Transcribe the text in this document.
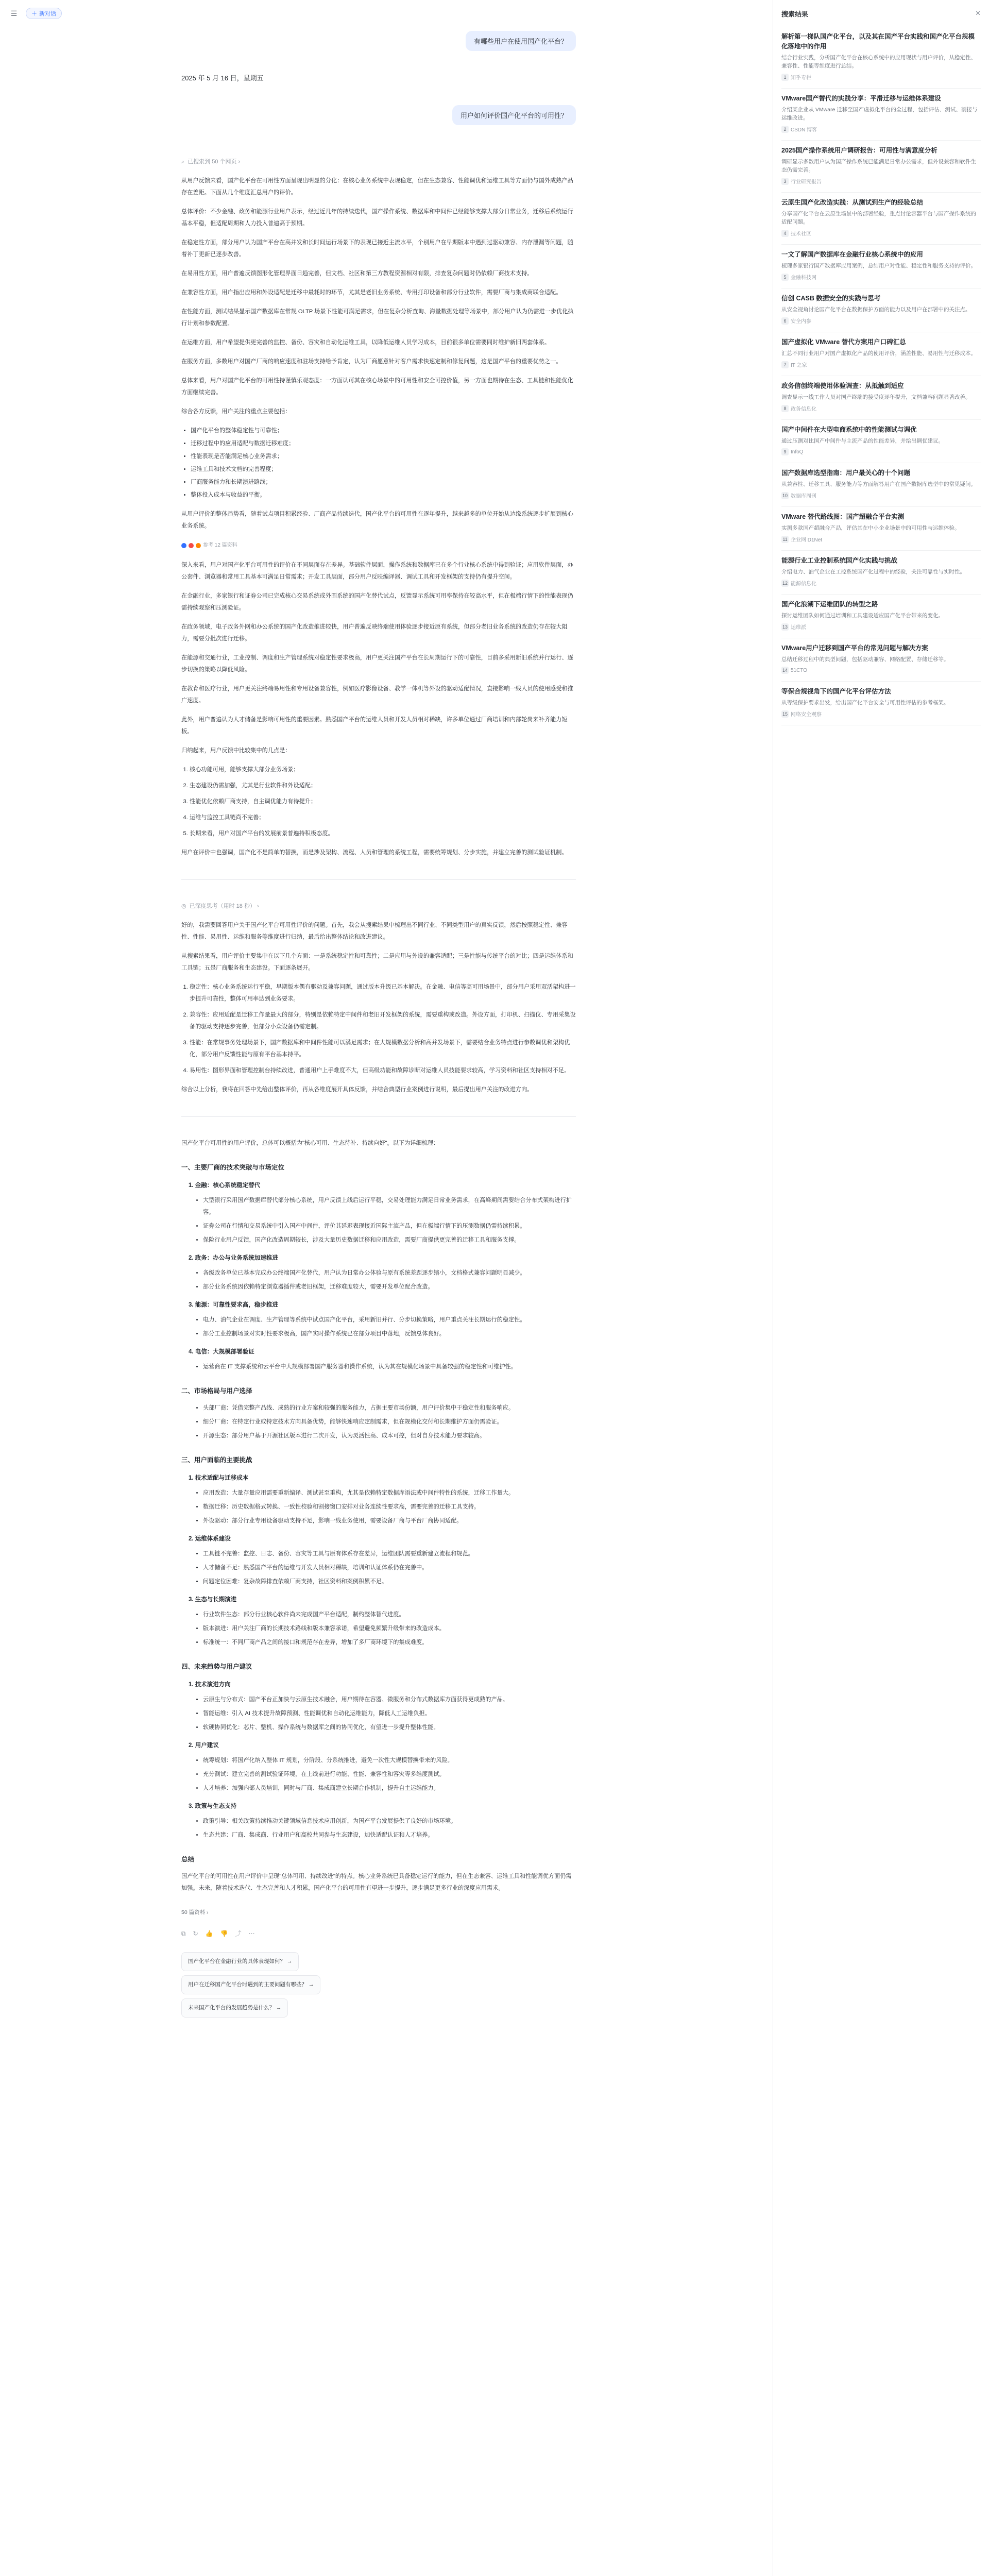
☰	＋ 新对话
有哪些用户在使用国产化平台？
2025 年 5 月 16 日，星期五
用户如何评价国产化平台的可用性？
⌕ 已搜索到 50 个网页 ›

从用户反馈来看，国产化平台在可用性方面呈现出明显的分化：在核心业务系统中表现稳定，但在生态兼容、性能调优和运维工具等方面仍与国外成熟产品存在差距。下面从几个维度汇总用户的评价。

总体评价：不少金融、政务和能源行业用户表示，经过近几年的持续迭代，国产操作系统、数据库和中间件已经能够支撑大部分日常业务，迁移后系统运行基本平稳，但适配周期和人力投入普遍高于预期。

在稳定性方面，部分用户认为国产平台在高并发和长时间运行场景下的表现已接近主流水平，个别用户在早期版本中遇到过驱动兼容、内存泄漏等问题，随着补丁更新已逐步改善。

在易用性方面，用户普遍反馈图形化管理界面日趋完善，但文档、社区和第三方教程资源相对有限，排查复杂问题时仍依赖厂商技术支持。

在兼容性方面，用户指出应用和外设适配是迁移中最耗时的环节，尤其是老旧业务系统、专用打印设备和部分行业软件，需要厂商与集成商联合适配。

在性能方面，测试结果显示国产数据库在常规 OLTP 场景下性能可满足需求，但在复杂分析查询、海量数据处理等场景中，部分用户认为仍需进一步优化执行计划和参数配置。

在运维方面，用户希望提供更完善的监控、备份、容灾和自动化运维工具，以降低运维人员学习成本，目前很多单位需要同时维护新旧两套体系。

在服务方面，多数用户对国产厂商的响应速度和驻场支持给予肯定，认为厂商愿意针对客户需求快速定制和修复问题，这是国产平台的重要优势之一。

总体来看，用户对国产化平台的可用性持谨慎乐观态度：一方面认可其在核心场景中的可用性和安全可控价值，另一方面也期待在生态、工具链和性能优化方面继续完善。

综合各方反馈，用户关注的重点主要包括：

• 国产化平台的整体稳定性与可靠性；
• 迁移过程中的应用适配与数据迁移难度；
• 性能表现是否能满足核心业务需求；
• 运维工具和技术文档的完善程度；
• 厂商服务能力和长期演进路线；
• 整体投入成本与收益的平衡。

从用户评价的整体趋势看，随着试点项目积累经验、厂商产品持续迭代，国产化平台的可用性在逐年提升，越来越多的单位开始从边缘系统逐步扩展到核心业务系统。

参考 12 篇资料

深入来看，用户对国产化平台可用性的评价在不同层面存在差异。基础软件层面，操作系统和数据库已在多个行业核心系统中得到验证；应用软件层面，办公套件、浏览器和常用工具基本可满足日常需求；开发工具层面，部分用户反映编译器、调试工具和开发框架的支持仍有提升空间。

在金融行业，多家银行和证券公司已完成核心交易系统或外围系统的国产化替代试点，反馈显示系统可用率保持在较高水平，但在极端行情下的性能表现仍需持续观察和压测验证。

在政务领域，电子政务外网和办公系统的国产化改造推进较快，用户普遍反映终端使用体验逐步接近原有系统，但部分老旧业务系统的改造仍存在较大阻力，需要分批次进行迁移。

在能源和交通行业，工业控制、调度和生产管理系统对稳定性要求极高，用户更关注国产平台在长周期运行下的可靠性，目前多采用新旧系统并行运行、逐步切换的策略以降低风险。

在教育和医疗行业，用户更关注终端易用性和专用设备兼容性，例如医疗影像设备、教学一体机等外设的驱动适配情况，直接影响一线人员的使用感受和推广速度。

此外，用户普遍认为人才储备是影响可用性的重要因素。熟悉国产平台的运维人员和开发人员相对稀缺，许多单位通过厂商培训和内部轮岗来补齐能力短板。

归纳起来，用户反馈中比较集中的几点是：

1. 核心功能可用，能够支撑大部分业务场景；
2. 生态建设仍需加强，尤其是行业软件和外设适配；
3. 性能优化依赖厂商支持，自主调优能力有待提升；
4. 运维与监控工具链尚不完善；
5. 长期来看，用户对国产平台的发展前景普遍持积极态度。

用户在评价中也强调，国产化不是简单的替换，而是涉及架构、流程、人员和管理的系统工程，需要统筹规划、分步实施，并建立完善的测试验证机制。

◎ 已深度思考（用时 18 秒） ›

好的，我需要回答用户关于国产化平台可用性评价的问题。首先，我会从搜索结果中梳理出不同行业、不同类型用户的真实反馈，然后按照稳定性、兼容性、性能、易用性、运维和服务等维度进行归纳，最后给出整体结论和改进建议。

从搜索结果看，用户评价主要集中在以下几个方面：一是系统稳定性和可靠性；二是应用与外设的兼容适配；三是性能与传统平台的对比；四是运维体系和工具链；五是厂商服务和生态建设。下面逐条展开。

1. 稳定性：核心业务系统运行平稳，早期版本偶有驱动及兼容问题，通过版本升级已基本解决。在金融、电信等高可用场景中，部分用户采用双活架构进一步提升可靠性，整体可用率达到业务要求。
2. 兼容性：应用适配是迁移工作量最大的部分，特别是依赖特定中间件和老旧开发框架的系统，需要重构或改造。外设方面，打印机、扫描仪、专用采集设备的驱动支持逐步完善，但部分小众设备仍需定制。
3. 性能：在常规事务处理场景下，国产数据库和中间件性能可以满足需求；在大规模数据分析和高并发场景下，需要结合业务特点进行参数调优和架构优化，部分用户反馈性能与原有平台基本持平。
4. 易用性：图形界面和管理控制台持续改进，普通用户上手难度不大，但高级功能和故障诊断对运维人员技能要求较高，学习资料和社区支持相对不足。

综合以上分析，我将在回答中先给出整体评价，再从各维度展开具体反馈，并结合典型行业案例进行说明，最后提出用户关注的改进方向。

国产化平台可用性的用户评价，总体可以概括为"核心可用、生态待补、持续向好"。以下为详细梳理：

一、主要厂商的技术突破与市场定位
1. 金融：核心系统稳定替代
• 大型银行采用国产数据库替代部分核心系统，用户反馈上线后运行平稳，交易处理能力满足日常业务需求，在高峰期间需要结合分布式架构进行扩容。
• 证券公司在行情和交易系统中引入国产中间件，评价其延迟表现接近国际主流产品，但在极端行情下的压测数据仍需持续积累。
• 保险行业用户反馈，国产化改造周期较长，涉及大量历史数据迁移和应用改造，需要厂商提供更完善的迁移工具和服务支撑。
2. 政务：办公与业务系统加速推进
• 各级政务单位已基本完成办公终端国产化替代，用户认为日常办公体验与原有系统差距逐步缩小，文档格式兼容问题明显减少。
• 部分业务系统因依赖特定浏览器插件或老旧框架，迁移难度较大，需要开发单位配合改造。
3. 能源：可靠性要求高，稳步推进
• 电力、油气企业在调度、生产管理等系统中试点国产化平台，采用新旧并行、分步切换策略，用户重点关注长期运行的稳定性。
• 部分工业控制场景对实时性要求极高，国产实时操作系统已在部分项目中落地，反馈总体良好。
4. 电信：大规模部署验证
• 运营商在 IT 支撑系统和云平台中大规模部署国产服务器和操作系统，认为其在规模化场景中具备较强的稳定性和可维护性。
二、市场格局与用户选择
• 头部厂商：凭借完整产品线、成熟的行业方案和较强的服务能力，占据主要市场份额，用户评价集中于稳定性和服务响应。
• 细分厂商：在特定行业或特定技术方向具备优势，能够快速响应定制需求，但在规模化交付和长期维护方面仍需验证。
• 开源生态：部分用户基于开源社区版本进行二次开发，认为灵活性高、成本可控，但对自身技术能力要求较高。
三、用户面临的主要挑战
1. 技术适配与迁移成本
• 应用改造：大量存量应用需要重新编译、测试甚至重构，尤其是依赖特定数据库语法或中间件特性的系统，迁移工作量大。
• 数据迁移：历史数据格式转换、一致性校验和割接窗口安排对业务连续性要求高，需要完善的迁移工具支持。
• 外设驱动：部分行业专用设备驱动支持不足，影响一线业务使用，需要设备厂商与平台厂商协同适配。
2. 运维体系建设
• 工具链不完善：监控、日志、备份、容灾等工具与原有体系存在差异，运维团队需要重新建立流程和规范。
• 人才储备不足：熟悉国产平台的运维与开发人员相对稀缺，培训和认证体系仍在完善中。
• 问题定位困难：复杂故障排查依赖厂商支持，社区资料和案例积累不足。
3. 生态与长期演进
• 行业软件生态：部分行业核心软件尚未完成国产平台适配，制约整体替代进度。
• 版本演进：用户关注厂商的长期技术路线和版本兼容承诺，希望避免频繁升级带来的改造成本。
• 标准统一：不同厂商产品之间的接口和规范存在差异，增加了多厂商环境下的集成难度。
四、未来趋势与用户建议
1. 技术演进方向
• 云原生与分布式：国产平台正加快与云原生技术融合，用户期待在容器、微服务和分布式数据库方面获得更成熟的产品。
• 智能运维：引入 AI 技术提升故障预测、性能调优和自动化运维能力，降低人工运维负担。
• 软硬协同优化：芯片、整机、操作系统与数据库之间的协同优化，有望进一步提升整体性能。
2. 用户建议
• 统筹规划：将国产化纳入整体 IT 规划，分阶段、分系统推进，避免一次性大规模替换带来的风险。
• 充分测试：建立完善的测试验证环境，在上线前进行功能、性能、兼容性和容灾等多维度测试。
• 人才培养：加强内部人员培训，同时与厂商、集成商建立长期合作机制，提升自主运维能力。
3. 政策与生态支持
• 政策引导：相关政策持续推动关键领域信息技术应用创新，为国产平台发展提供了良好的市场环境。
• 生态共建：厂商、集成商、行业用户和高校共同参与生态建设，加快适配认证和人才培养。
总结

国产化平台的可用性在用户评价中呈现"总体可用、持续改进"的特点。核心业务系统已具备稳定运行的能力，但在生态兼容、运维工具和性能调优方面仍需加强。未来，随着技术迭代、生态完善和人才积累，国产化平台的可用性有望进一步提升，逐步满足更多行业的深度应用需求。

50 篇资料 ›
⧉ ↻ 👍 👎 ⤴ ⋯
国产化平台在金融行业的具体表现如何？ →
用户在迁移国产化平台时遇到的主要问题有哪些？ →
未来国产化平台的发展趋势是什么？ →
搜索结果	✕
解析第一梯队国产化平台，以及其在国产平台实践和国产化平台规模化落地中的作用
结合行业实践，分析国产化平台在核心系统中的应用现状与用户评价，从稳定性、兼容性、性能等维度进行总结。
1 知乎专栏
VMware国产替代的实践分享：平滑迁移与运维体系建设
介绍某企业从 VMware 迁移至国产虚拟化平台的全过程，包括评估、测试、割接与运维改进。
2 CSDN 博客
2025国产操作系统用户调研报告：可用性与满意度分析
调研显示多数用户认为国产操作系统已能满足日常办公需求，但外设兼容和软件生态仍需完善。
3 行业研究报告
云原生国产化改造实践：从测试到生产的经验总结
分享国产化平台在云原生场景中的部署经验，重点讨论容器平台与国产操作系统的适配问题。
4 技术社区
一文了解国产数据库在金融行业核心系统中的应用
梳理多家银行国产数据库应用案例，总结用户对性能、稳定性和服务支持的评价。
5 金融科技网
信创 CASB 数据安全的实践与思考
从安全视角讨论国产化平台在数据保护方面的能力以及用户在部署中的关注点。
6 安全内参
国产虚拟化 VMware 替代方案用户口碑汇总
汇总不同行业用户对国产虚拟化产品的使用评价，涵盖性能、易用性与迁移成本。
7 IT 之家
政务信创终端使用体验调查：从抵触到适应
调查显示一线工作人员对国产终端的接受度逐年提升，文档兼容问题显著改善。
8 政务信息化
国产中间件在大型电商系统中的性能测试与调优
通过压测对比国产中间件与主流产品的性能差异，并给出调优建议。
9 InfoQ
国产数据库选型指南：用户最关心的十个问题
从兼容性、迁移工具、服务能力等方面解答用户在国产数据库选型中的常见疑问。
10 数据库周刊
VMware 替代路线图：国产超融合平台实测
实测多款国产超融合产品，评估其在中小企业场景中的可用性与运维体验。
11 企业网 D1Net
能源行业工业控制系统国产化实践与挑战
介绍电力、油气企业在工控系统国产化过程中的经验，关注可靠性与实时性。
12 能源信息化
国产化浪潮下运维团队的转型之路
探讨运维团队如何通过培训和工具建设适应国产化平台带来的变化。
13 运维派
VMware用户迁移到国产平台的常见问题与解决方案
总结迁移过程中的典型问题，包括驱动兼容、网络配置、存储迁移等。
14 51CTO
等保合规视角下的国产化平台评估方法
从等级保护要求出发，给出国产化平台安全与可用性评估的参考框架。
15 网络安全观察
